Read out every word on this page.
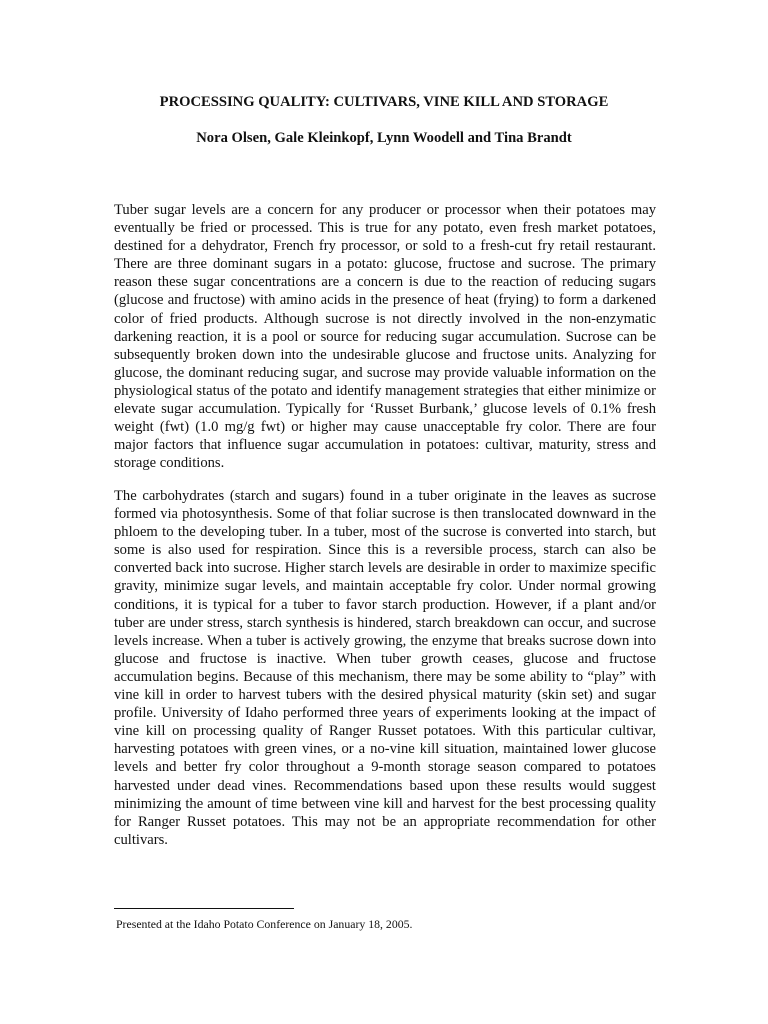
PROCESSING QUALITY: CULTIVARS, VINE KILL AND STORAGE
Nora Olsen, Gale Kleinkopf, Lynn Woodell and Tina Brandt

Tuber sugar levels are a concern for any producer or processor when their potatoes may eventually be fried or processed. This is true for any potato, even fresh market potatoes, destined for a dehydrator, French fry processor, or sold to a fresh-cut fry retail restaurant. There are three dominant sugars in a potato: glucose, fructose and sucrose. The primary reason these sugar concentrations are a concern is due to the reaction of reducing sugars (glucose and fructose) with amino acids in the presence of heat (frying) to form a darkened color of fried products. Although sucrose is not directly involved in the non-enzymatic darkening reaction, it is a pool or source for reducing sugar accumulation. Sucrose can be subsequently broken down into the undesirable glucose and fructose units. Analyzing for glucose, the dominant reducing sugar, and sucrose may provide valuable information on the physiological status of the potato and identify management strategies that either minimize or elevate sugar accumulation. Typically for ‘Russet Burbank,’ glucose levels of 0.1% fresh weight (fwt) (1.0 mg/g fwt) or higher may cause unacceptable fry color. There are four major factors that influence sugar accumulation in potatoes: cultivar, maturity, stress and storage conditions.

The carbohydrates (starch and sugars) found in a tuber originate in the leaves as sucrose formed via photosynthesis. Some of that foliar sucrose is then translocated downward in the phloem to the developing tuber. In a tuber, most of the sucrose is converted into starch, but some is also used for respiration. Since this is a reversible process, starch can also be converted back into sucrose. Higher starch levels are desirable in order to maximize specific gravity, minimize sugar levels, and maintain acceptable fry color. Under normal growing conditions, it is typical for a tuber to favor starch production. However, if a plant and/or tuber are under stress, starch synthesis is hindered, starch breakdown can occur, and sucrose levels increase. When a tuber is actively growing, the enzyme that breaks sucrose down into glucose and fructose is inactive. When tuber growth ceases, glucose and fructose accumulation begins. Because of this mechanism, there may be some ability to “play” with vine kill in order to harvest tubers with the desired physical maturity (skin set) and sugar profile. University of Idaho performed three years of experiments looking at the impact of vine kill on processing quality of Ranger Russet potatoes. With this particular cultivar, harvesting potatoes with green vines, or a no-vine kill situation, maintained lower glucose levels and better fry color throughout a 9-month storage season compared to potatoes harvested under dead vines. Recommendations based upon these results would suggest minimizing the amount of time between vine kill and harvest for the best processing quality for Ranger Russet potatoes. This may not be an appropriate recommendation for other cultivars.

Presented at the Idaho Potato Conference on January 18, 2005.
